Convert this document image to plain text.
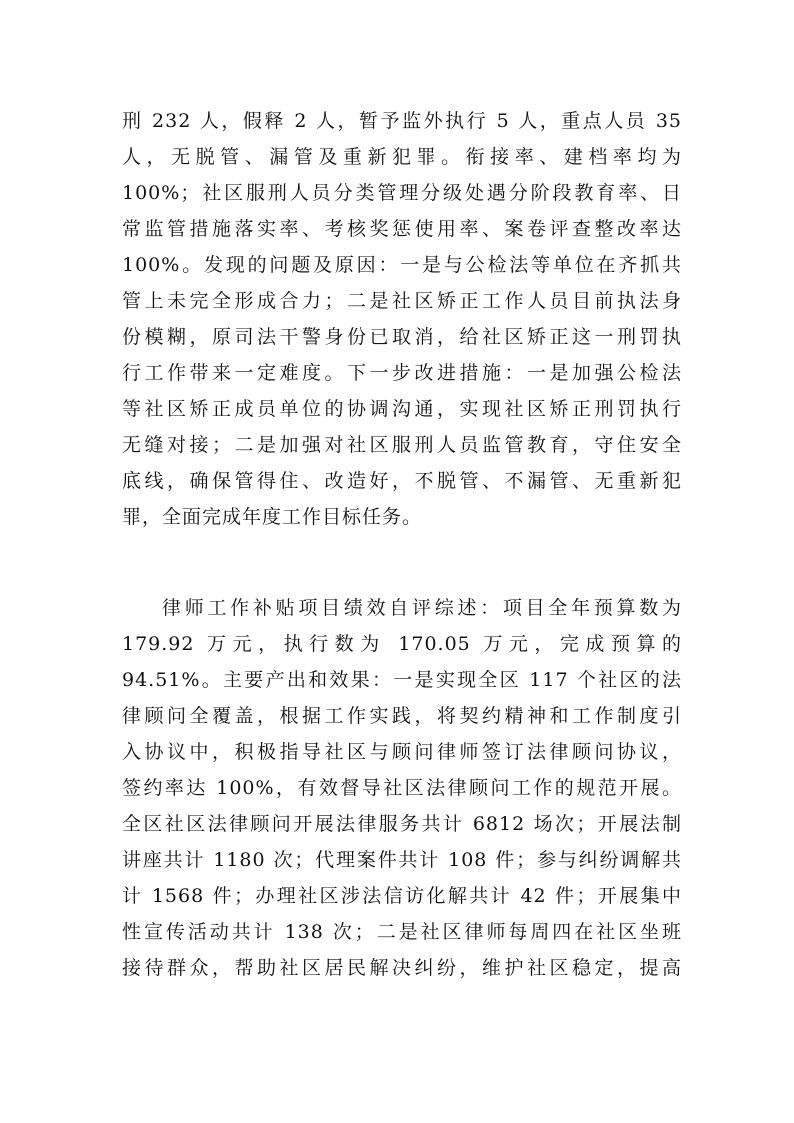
刑 232 人，假释 2 人，暂予监外执行 5 人，重点人员 35
人，无脱管、漏管及重新犯罪。衔接率、建档率均为
100%；社区服刑人员分类管理分级处遇分阶段教育率、日
常监管措施落实率、考核奖惩使用率、案卷评查整改率达
100%。发现的问题及原因：一是与公检法等单位在齐抓共
管上未完全形成合力；二是社区矫正工作人员目前执法身
份模糊，原司法干警身份已取消，给社区矫正这一刑罚执
行工作带来一定难度。下一步改进措施：一是加强公检法
等社区矫正成员单位的协调沟通，实现社区矫正刑罚执行
无缝对接；二是加强对社区服刑人员监管教育，守住安全
底线，确保管得住、改造好，不脱管、不漏管、无重新犯
罪，全面完成年度工作目标任务。
律师工作补贴项目绩效自评综述：项目全年预算数为
179.92 万元，执行数为 170.05 万元，完成预算的
94.51%。主要产出和效果：一是实现全区 117 个社区的法
律顾问全覆盖，根据工作实践，将契约精神和工作制度引
入协议中，积极指导社区与顾问律师签订法律顾问协议，
签约率达 100%，有效督导社区法律顾问工作的规范开展。
全区社区法律顾问开展法律服务共计 6812 场次；开展法制
讲座共计 1180 次；代理案件共计 108 件；参与纠纷调解共
计 1568 件；办理社区涉法信访化解共计 42 件；开展集中
性宣传活动共计 138 次；二是社区律师每周四在社区坐班
接待群众，帮助社区居民解决纠纷，维护社区稳定，提高
